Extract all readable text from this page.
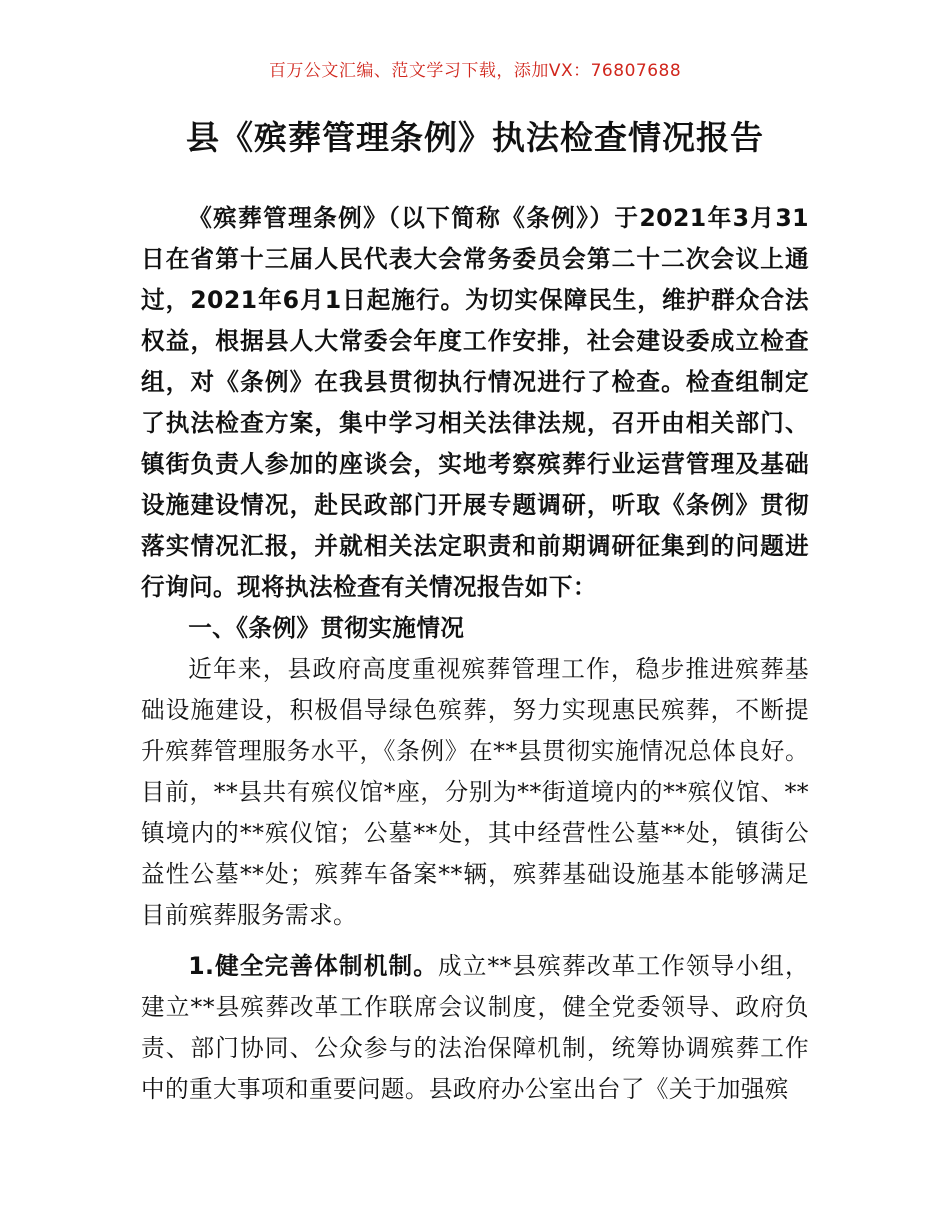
百万公文汇编、范文学习下载，添加VX：76807688
县《殡葬管理条例》执法检查情况报告

《殡葬管理条例》（以下简称《条例》）于2021年3月31日在省第十三届人民代表大会常务委员会第二十二次会议上通过，2021年6月1日起施行。为切实保障民生，维护群众合法权益，根据县人大常委会年度工作安排，社会建设委成立检查组，对《条例》在我县贯彻执行情况进行了检查。检查组制定了执法检查方案，集中学习相关法律法规，召开由相关部门、镇街负责人参加的座谈会，实地考察殡葬行业运营管理及基础设施建设情况，赴民政部门开展专题调研，听取《条例》贯彻落实情况汇报，并就相关法定职责和前期调研征集到的问题进行询问。现将执法检查有关情况报告如下：

一、《条例》贯彻实施情况

近年来，县政府高度重视殡葬管理工作，稳步推进殡葬基础设施建设，积极倡导绿色殡葬，努力实现惠民殡葬，不断提升殡葬管理服务水平，《条例》在**县贯彻实施情况总体良好。目前，**县共有殡仪馆*座，分别为**街道境内的**殡仪馆、**镇境内的**殡仪馆；公墓**处，其中经营性公墓**处，镇街公益性公墓**处；殡葬车备案**辆，殡葬基础设施基本能够满足目前殡葬服务需求。

1.健全完善体制机制。成立**县殡葬改革工作领导小组，建立**县殡葬改革工作联席会议制度，健全党委领导、政府负责、部门协同、公众参与的法治保障机制，统筹协调殡葬工作中的重大事项和重要问题。县政府办公室出台了《关于加强殡
